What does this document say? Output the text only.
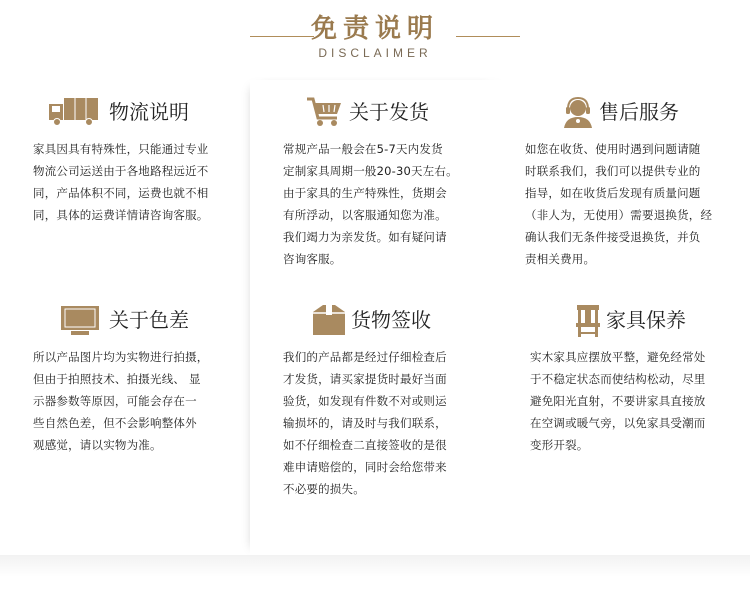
免责说明
DISCLAIMER
物流说明
家具因具有特殊性，只能通过专业
物流公司运送由于各地路程远近不
同，产品体积不同，运费也就不相
同，具体的运费详情请咨询客服。
关于发货
常规产品一般会在5-7天内发货
定制家具周期一般20-30天左右。
由于家具的生产特殊性，货期会
有所浮动，以客服通知您为准。
我们竭力为亲发货。如有疑问请
咨询客服。
售后服务
如您在收货、使用时遇到问题请随
时联系我们，我们可以提供专业的
指导，如在收货后发现有质量问题
（非人为，无使用）需要退换货，经
确认我们无条件接受退换货，并负
责相关费用。
关于色差
所以产品图片均为实物进行拍摄，
但由于拍照技术、拍摄光线、 显
示器参数等原因，可能会存在一
些自然色差，但不会影响整体外
观感觉，请以实物为准。
货物签收
我们的产品都是经过仔细检查后
才发货，请买家提货时最好当面
验货，如发现有件数不对或则运
输损坏的，请及时与我们联系，
如不仔细检查二直接签收的是很
难申请赔偿的，同时会给您带来
不必要的损失。
家具保养
实木家具应摆放平整，避免经常处
于不稳定状态而使结构松动，尽里
避免阳光直射，不要讲家具直接放
在空调或暖气旁，以免家具受潮而
变形开裂。
